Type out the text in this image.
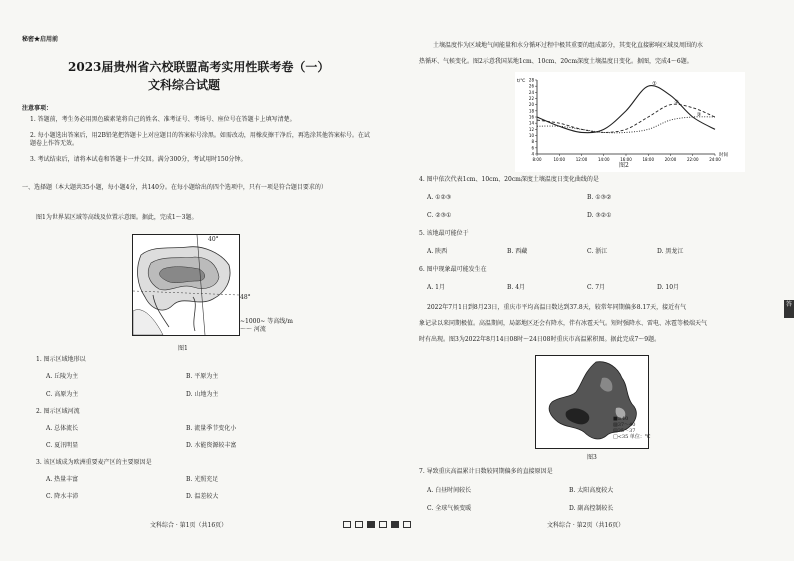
秘密★启用前
2023届贵州省六校联盟高考实用性联考卷（一）
文科综合试题
注意事项：
1. 答题前，考生务必用黑色碳素笔将自己的姓名、准考证号、考场号、座位号在答题卡上填写清楚。
2. 每小题选出答案后，用2B铅笔把答题卡上对应题目的答案标号涂黑。如需改动，用橡皮擦干净后，再选涂其他答案标号。在试题卷上作答无效。
3. 考试结束后，请将本试卷和答题卡一并交回。满分300分，考试用时150分钟。
一、选择题（本大题共35小题，每小题4分，共140分。在每小题给出的四个选项中，只有一项是符合题目要求的）
图1为世界某区域等高线及位置示意图。据此，完成1～3题。
40°
48°
~1000~ 等高线/m
～～ 河流
图1
1. 图示区域地形以
A. 丘陵为主	B. 平原为主
C. 高原为主	D. 山地为主
2. 图示区域河流
A. 总体流长	B. 流量季节变化小
C. 夏汛明显	D. 水能资源较丰富
3. 该区域成为欧洲重要麦产区的主要原因是
A. 热量丰富	B. 光照充足
C. 降水丰沛	D. 温差较大
文科综合 · 第1页（共16页）
土壤温度作为区域地气间能量和水分循环过程中极其重要的组成部分，其变化直接影响区域及周围的水
热循环、气候变化。图2示意我国某地1cm、10cm、20cm深度土壤温度日变化。据图，完成4～6题。
28
26
24
22
20
18
16
14
12
10
8
6
4
t/℃
8:00	10:00	12:00	14:00	16:00	18:00	20:00	22:00	24:00
时间
①
②
③
图2
4. 图中依次代表1cm、10cm、20cm深度土壤温度日变化曲线的是
A. ①②③	B. ①③②
C. ②③①	D. ③②①
5. 该地最可能位于
A. 陕西	B. 西藏	C. 浙江	D. 黑龙江
6. 图中现象最可能发生在
A. 1月	B. 4月	C. 7月	D. 10月
2022年7月1日到8月23日，重庆市平均高温日数达到37.8天，较常年同期偏多8.17天，接近有气
象记录以来同期极值。高温期间，局部地区还会有降水，伴有冰雹天气。短时强降水、雷电、冰雹等极端天气
时有出现。图3为2022年8月14日08时～24日08时重庆市高温累积图。据此完成7～9题。
■≥40
▨37～40
▤35～37
□<35 单位：℃
图3
7. 导致重庆高温累计日数较同期偏多的直接原因是
A. 白昼时间较长	B. 太阳高度较大
C. 全球气候变暖	D. 副高控制较长
文科综合 · 第2页（共16页）
答
